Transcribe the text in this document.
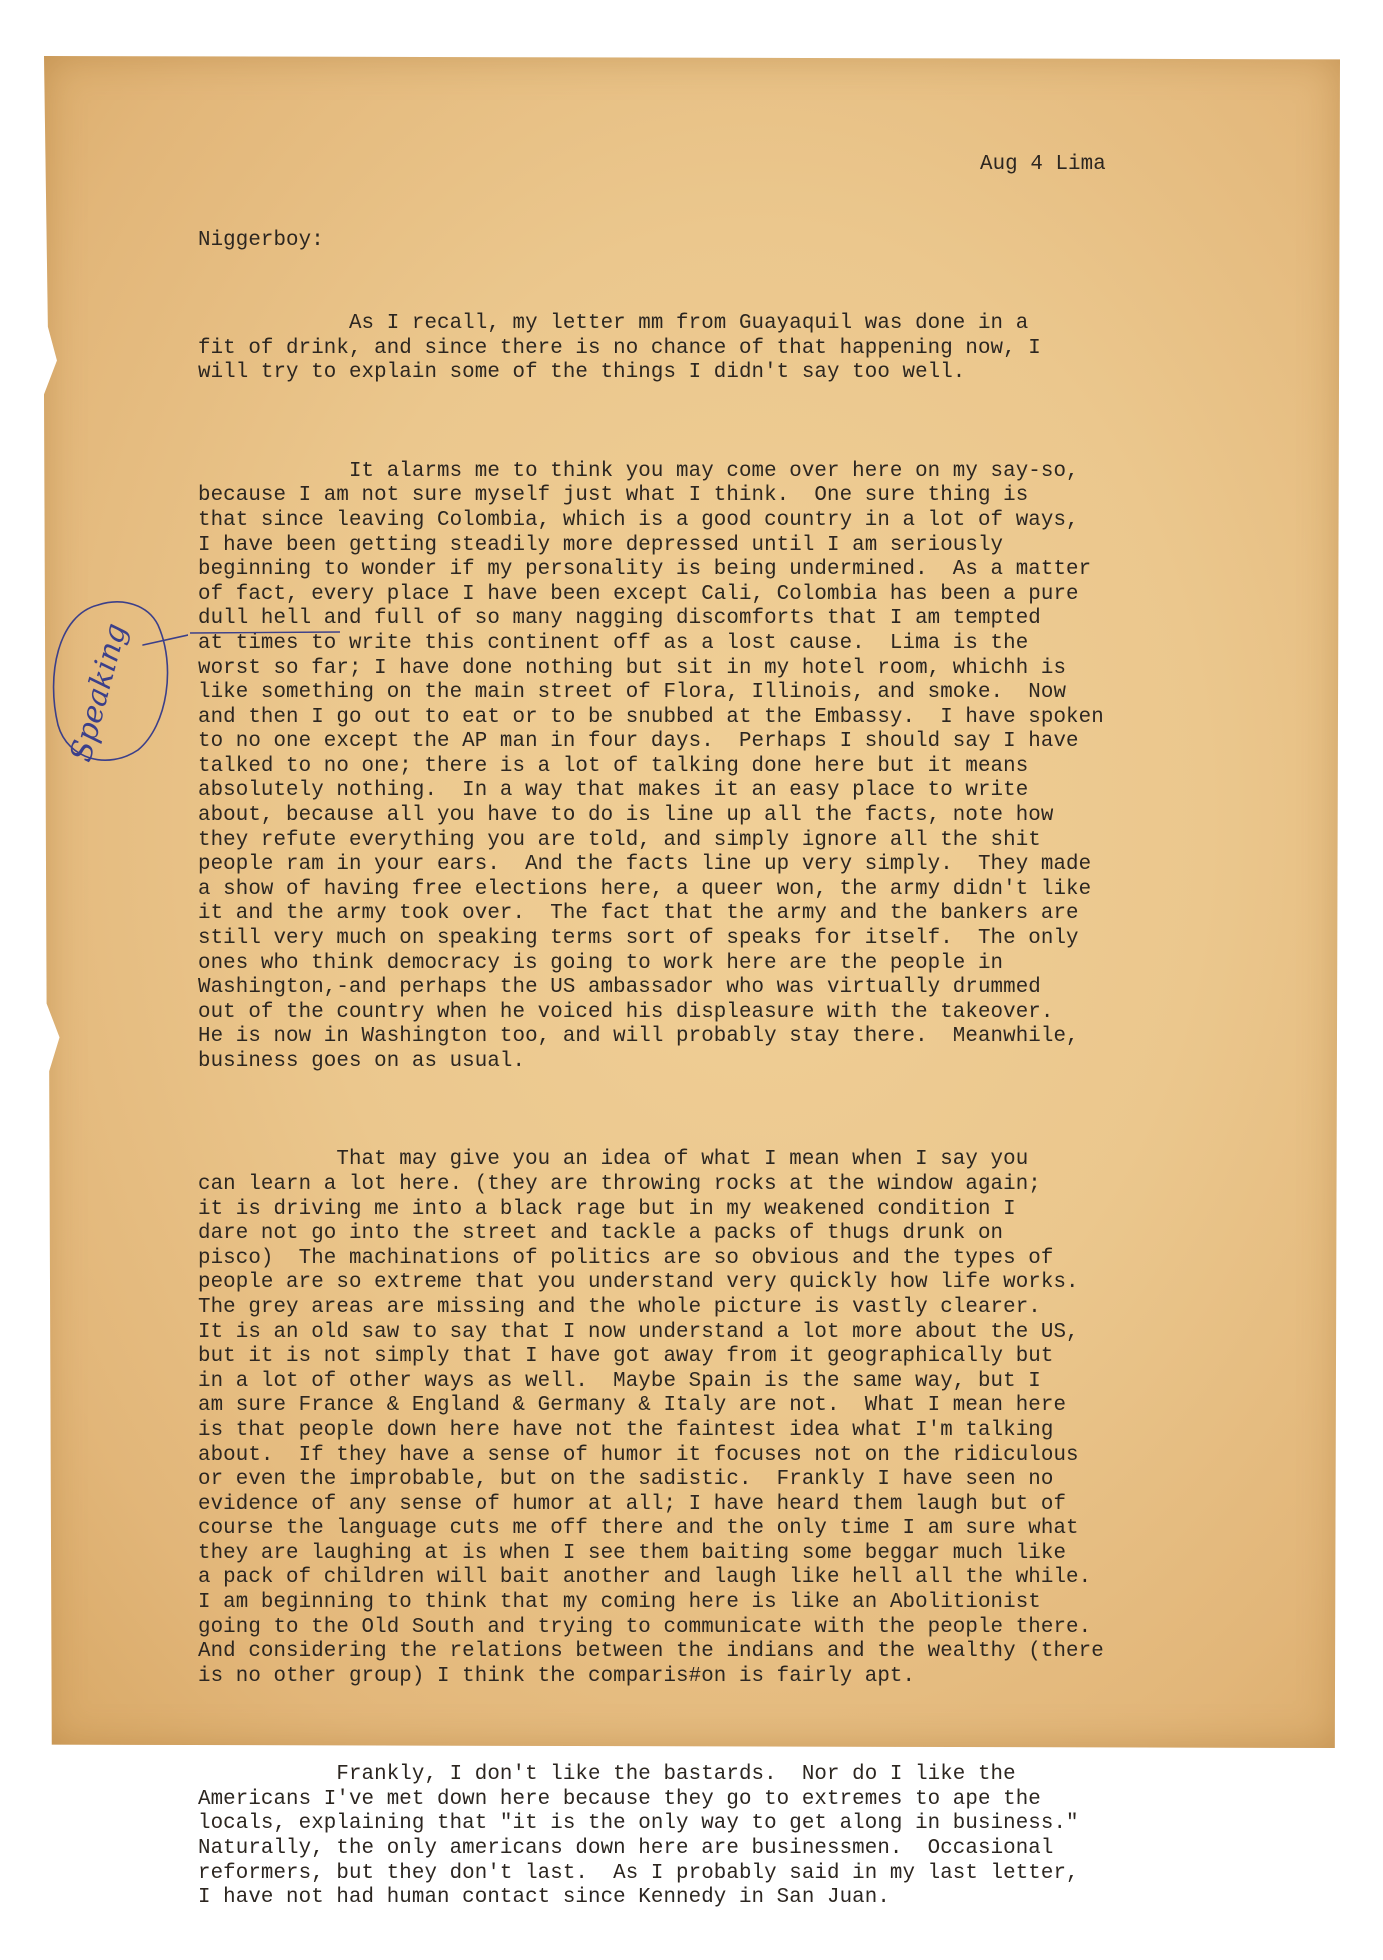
Aug 4 Lima
Niggerboy:

As I recall, my letter mm from Guayaquil was done in a
fit of drink, and since there is no chance of that happening now, I
will try to explain some of the things I didn't say too well.

It alarms me to think you may come over here on my say-so,
because I am not sure myself just what I think.  One sure thing is
that since leaving Colombia, which is a good country in a lot of ways,
I have been getting steadily more depressed until I am seriously
beginning to wonder if my personality is being undermined.  As a matter
of fact, every place I have been except Cali, Colombia has been a pure
dull hell and full of so many nagging discomforts that I am tempted
at times to write this continent off as a lost cause.  Lima is the
worst so far; I have done nothing but sit in my hotel room, whichh is
like something on the main street of Flora, Illinois, and smoke.  Now
and then I go out to eat or to be snubbed at the Embassy.  I have spoken
to no one except the AP man in four days.  Perhaps I should say I have
talked to no one; there is a lot of talking done here but it means
absolutely nothing.  In a way that makes it an easy place to write
about, because all you have to do is line up all the facts, note how
they refute everything you are told, and simply ignore all the shit
people ram in your ears.  And the facts line up very simply.  They made
a show of having free elections here, a queer won, the army didn't like
it and the army took over.  The fact that the army and the bankers are
still very much on speaking terms sort of speaks for itself.  The only
ones who think democracy is going to work here are the people in
Washington,-and perhaps the US ambassador who was virtually drummed
out of the country when he voiced his displeasure with the takeover.
He is now in Washington too, and will probably stay there.  Meanwhile,
business goes on as usual.

That may give you an idea of what I mean when I say you
can learn a lot here. (they are throwing rocks at the window again;
it is driving me into a black rage but in my weakened condition I
dare not go into the street and tackle a packs of thugs drunk on
pisco)  The machinations of politics are so obvious and the types of
people are so extreme that you understand very quickly how life works.
The grey areas are missing and the whole picture is vastly clearer.
It is an old saw to say that I now understand a lot more about the US,
but it is not simply that I have got away from it geographically but
in a lot of other ways as well.  Maybe Spain is the same way, but I
am sure France & England & Germany & Italy are not.  What I mean here
is that people down here have not the faintest idea what I'm talking
about.  If they have a sense of humor it focuses not on the ridiculous
or even the improbable, but on the sadistic.  Frankly I have seen no
evidence of any sense of humor at all; I have heard them laugh but of
course the language cuts me off there and the only time I am sure what
they are laughing at is when I see them baiting some beggar much like
a pack of children will bait another and laugh like hell all the while.
I am beginning to think that my coming here is like an Abolitionist
going to the Old South and trying to communicate with the people there.
And considering the relations between the indians and the wealthy (there
is no other group) I think the comparis#on is fairly apt.

Frankly, I don't like the bastards.  Nor do I like the
Americans I've met down here because they go to extremes to ape the
locals, explaining that "it is the only way to get along in business."
Naturally, the only americans down here are businessmen.  Occasional
reformers, but they don't last.  As I probably said in my last letter,
I have not had human contact since Kennedy in San Juan.

Speaking
